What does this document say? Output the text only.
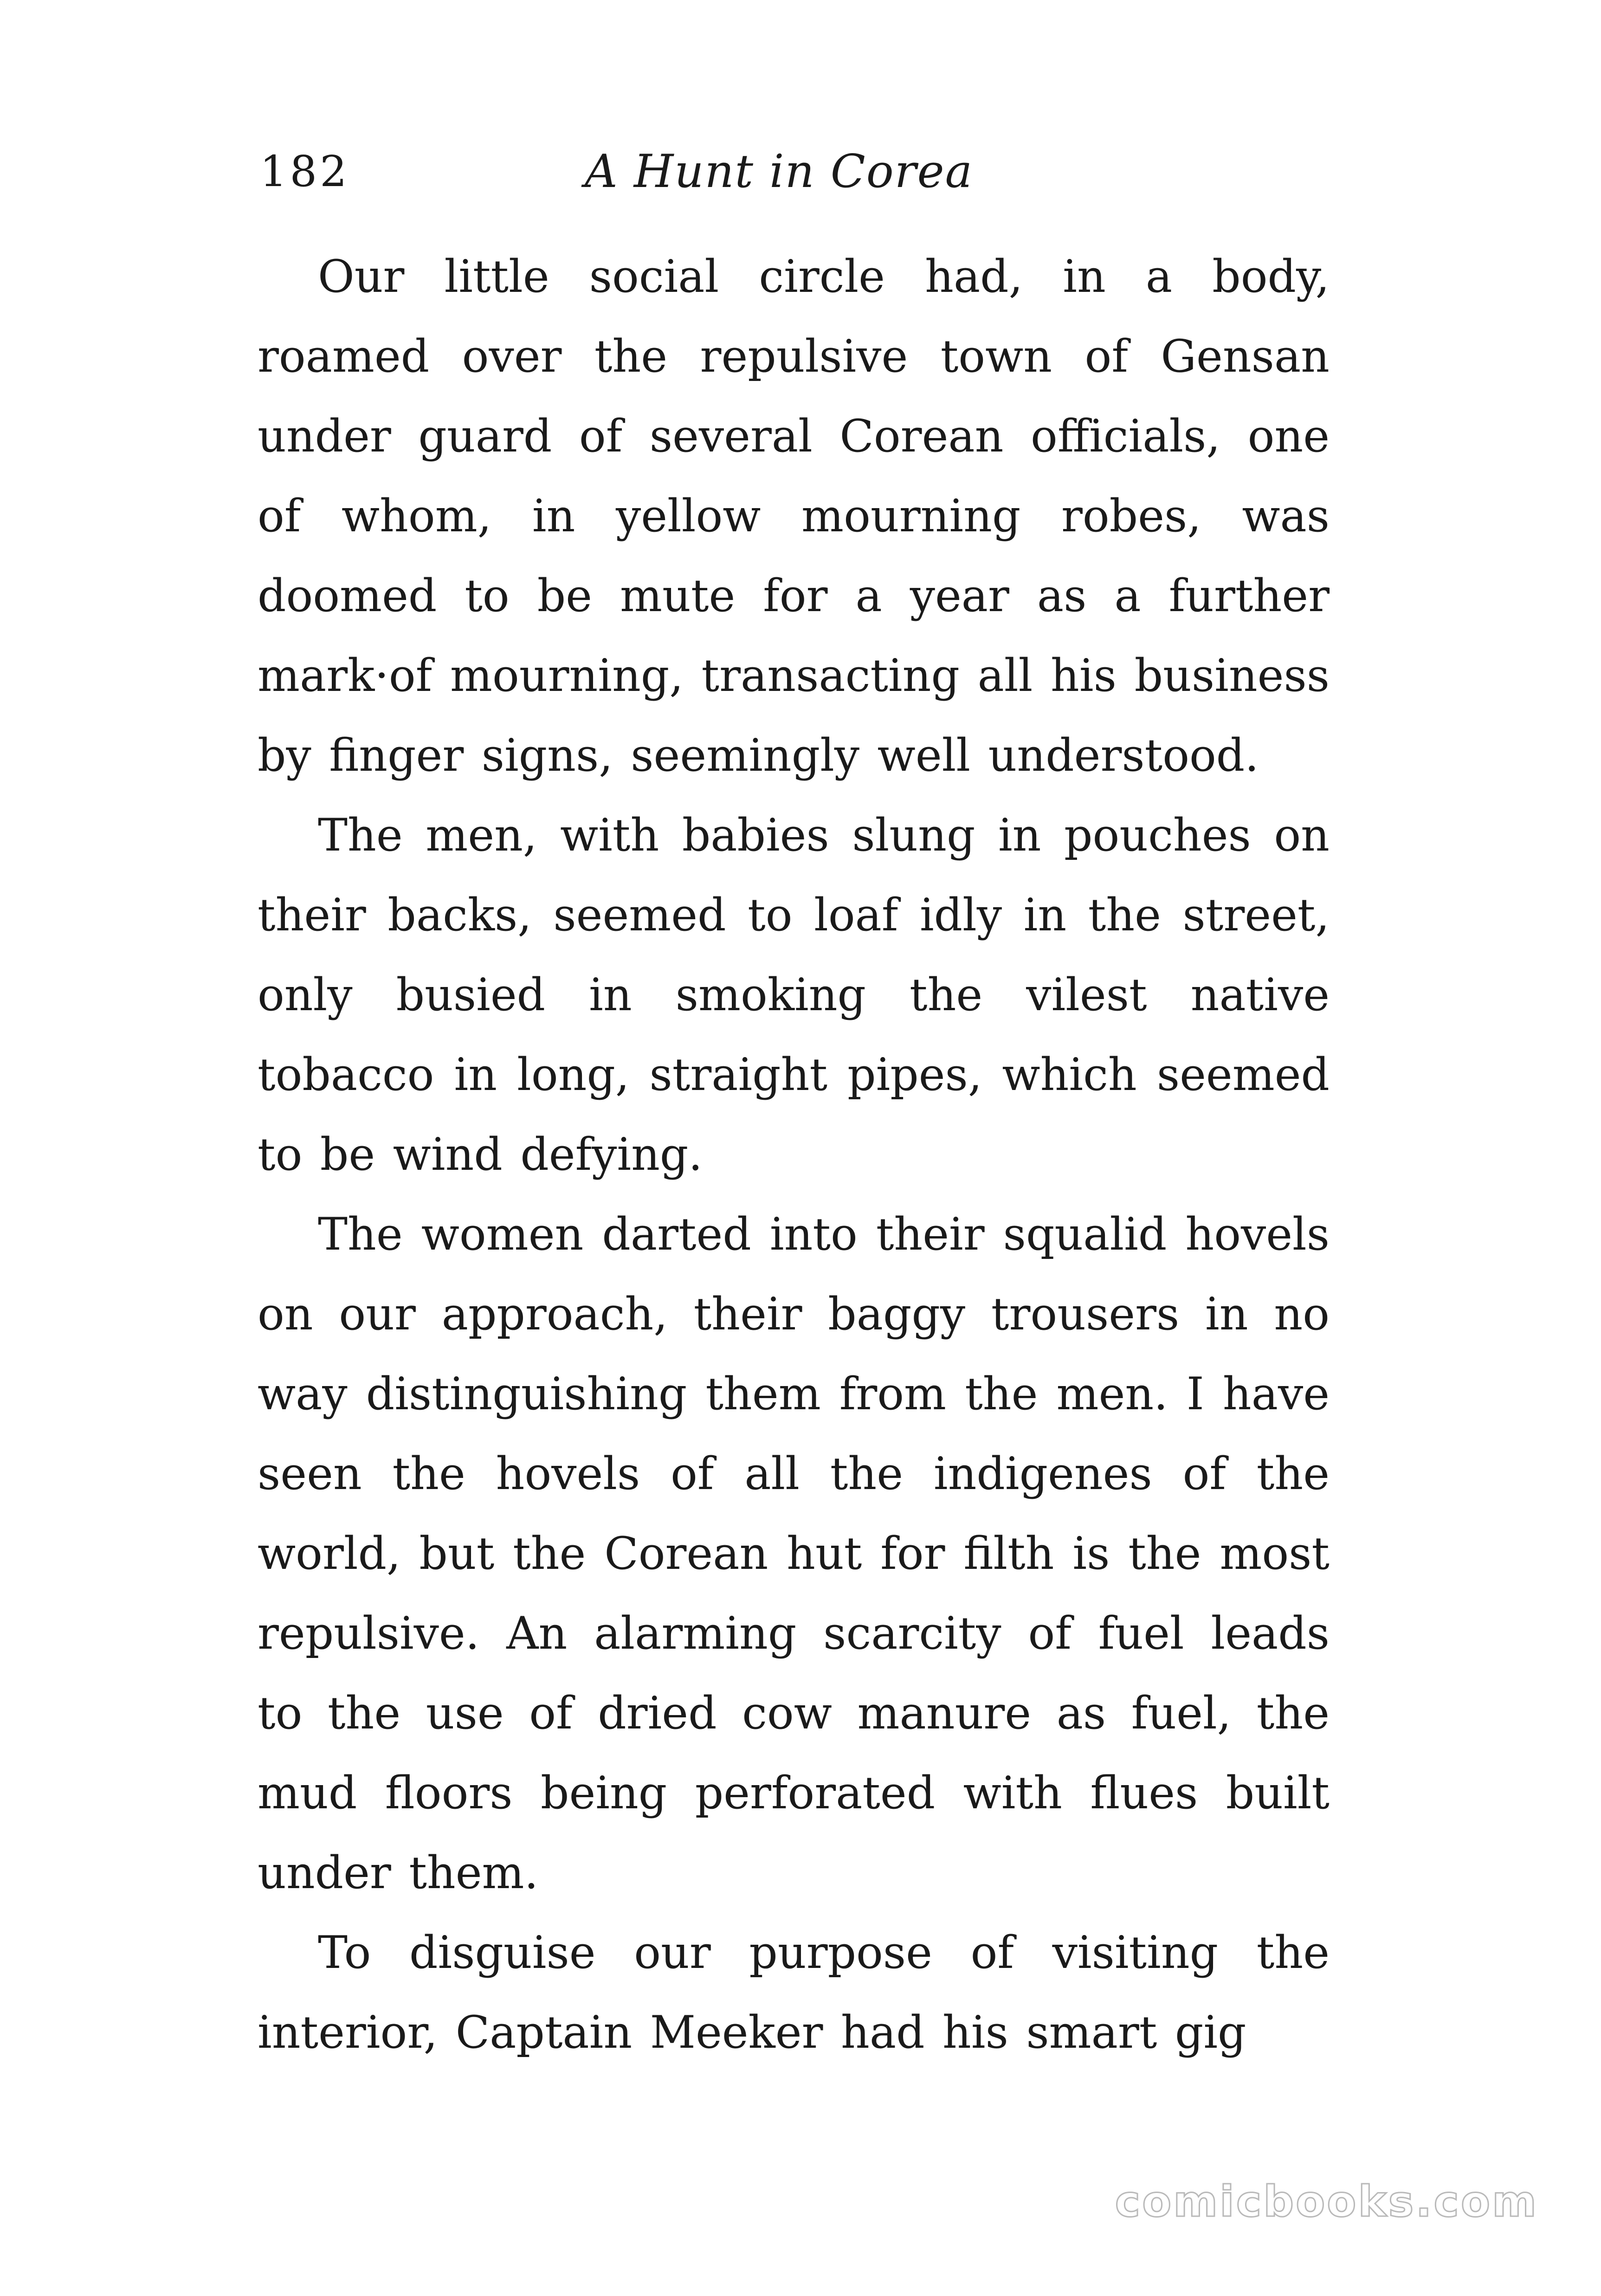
182	A Hunt in Corea

Our little social circle had, in a body, roamed over the repulsive town of Gensan under guard of several Corean officials, one of whom, in yellow mourning robes, was doomed to be mute for a year as a further mark·of mourning, transacting all his business by finger signs, seemingly well understood.

The men, with babies slung in pouches on their backs, seemed to loaf idly in the street, only busied in smoking the vilest native tobacco in long, straight pipes, which seemed to be wind defying.

The women darted into their squalid hovels on our approach, their baggy trousers in no way distinguishing them from the men. I have seen the hovels of all the indigenes of the world, but the Corean hut for filth is the most repulsive. An alarming scarcity of fuel leads to the use of dried cow manure as fuel, the mud floors being perforated with flues built under them.

To disguise our purpose of visiting the interior, Captain Meeker had his smart gig

comicbooks.com
